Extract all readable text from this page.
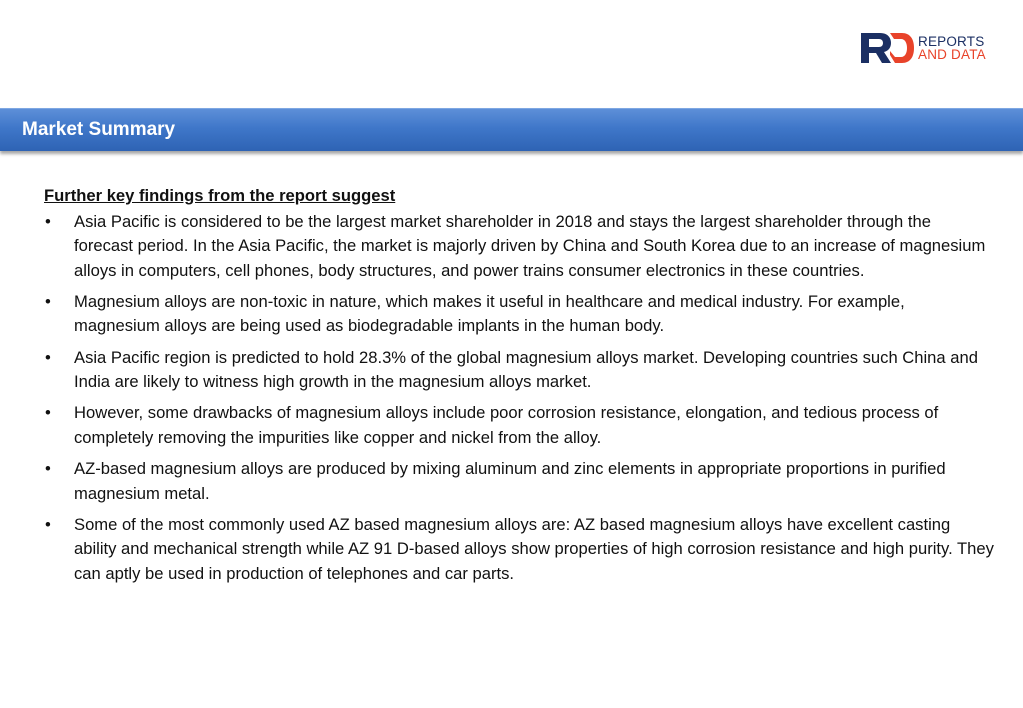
REPORTS
AND DATA
Market Summary
Further key findings from the report suggest
• Asia Pacific is considered to be the largest market shareholder in 2018 and stays the largest shareholder through the forecast period. In the Asia Pacific, the market is majorly driven by China and South Korea due to an increase of magnesium alloys in computers, cell phones, body structures, and power trains consumer electronics in these countries.
• Magnesium alloys are non-toxic in nature, which makes it useful in healthcare and medical industry. For example, magnesium alloys are being used as biodegradable implants in the human body.
• Asia Pacific region is predicted to hold 28.3% of the global magnesium alloys market. Developing countries such China and India are likely to witness high growth in the magnesium alloys market.
• However, some drawbacks of magnesium alloys include poor corrosion resistance, elongation, and tedious process of completely removing the impurities like copper and nickel from the alloy.
• AZ-based magnesium alloys are produced by mixing aluminum and zinc elements in appropriate proportions in purified magnesium metal.
• Some of the most commonly used AZ based magnesium alloys are: AZ based magnesium alloys have excellent casting ability and mechanical strength while AZ 91 D-based alloys show properties of high corrosion resistance and high purity. They can aptly be used in production of telephones and car parts.
